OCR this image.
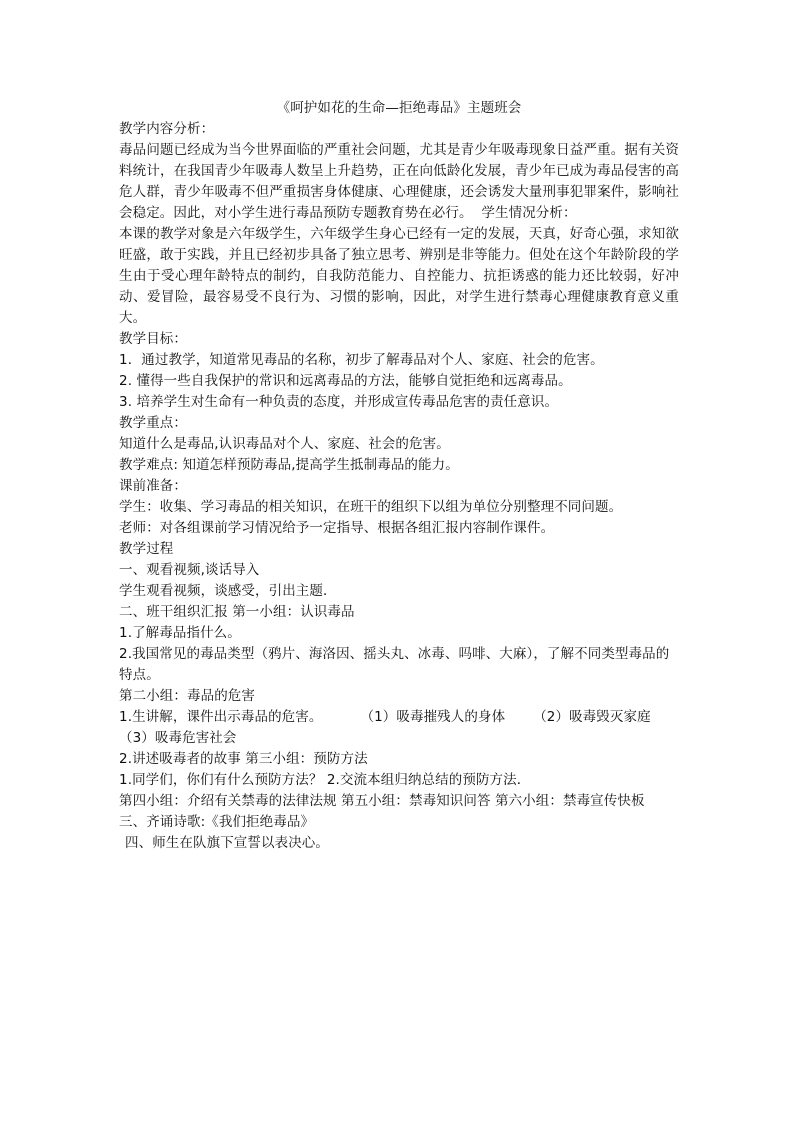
《呵护如花的生命—拒绝毒品》主题班会

教学内容分析：

毒品问题已经成为当今世界面临的严重社会问题，尤其是青少年吸毒现象日益严重。据有关资料统计，在我国青少年吸毒人数呈上升趋势，正在向低龄化发展，青少年已成为毒品侵害的高危人群，青少年吸毒不但严重损害身体健康、心理健康，还会诱发大量刑事犯罪案件，影响社会稳定。因此，对小学生进行毒品预防专题教育势在必行。 学生情况分析：

本课的教学对象是六年级学生，六年级学生身心已经有一定的发展，天真，好奇心强，求知欲旺盛，敢于实践，并且已经初步具备了独立思考、辨别是非等能力。但处在这个年龄阶段的学生由于受心理年龄特点的制约，自我防范能力、自控能力、抗拒诱惑的能力还比较弱，好冲动、爱冒险，最容易受不良行为、习惯的影响，因此，对学生进行禁毒心理健康教育意义重大。

教学目标：

1．通过教学，知道常见毒品的名称，初步了解毒品对个人、家庭、社会的危害。

2. 懂得一些自我保护的常识和远离毒品的方法，能够自觉拒绝和远离毒品。

3. 培养学生对生命有一种负责的态度，并形成宣传毒品危害的责任意识。

教学重点：

知道什么是毒品,认识毒品对个人、家庭、社会的危害。

教学难点: 知道怎样预防毒品,提高学生抵制毒品的能力。

课前准备：

学生：收集、学习毒品的相关知识，在班干的组织下以组为单位分别整理不同问题。

老师：对各组课前学习情况给予一定指导、根据各组汇报内容制作课件。

教学过程

一、观看视频,谈话导入

学生观看视频，谈感受，引出主题．

二、班干组织汇报 第一小组：认识毒品

1.了解毒品指什么。

2.我国常见的毒品类型（鸦片、海洛因、摇头丸、冰毒、吗啡、大麻），了解不同类型毒品的特点。

第二小组：毒品的危害

1.生讲解，课件出示毒品的危害。	（1）吸毒摧残人的身体 （2）吸毒毁灭家庭

（3）吸毒危害社会

2.讲述吸毒者的故事 第三小组：预防方法

1.同学们，你们有什么预防方法？ 2.交流本组归纳总结的预防方法．

第四小组：介绍有关禁毒的法律法规 第五小组：禁毒知识问答 第六小组：禁毒宣传快板

三、齐诵诗歌:《我们拒绝毒品》

四、师生在队旗下宣誓以表决心。
